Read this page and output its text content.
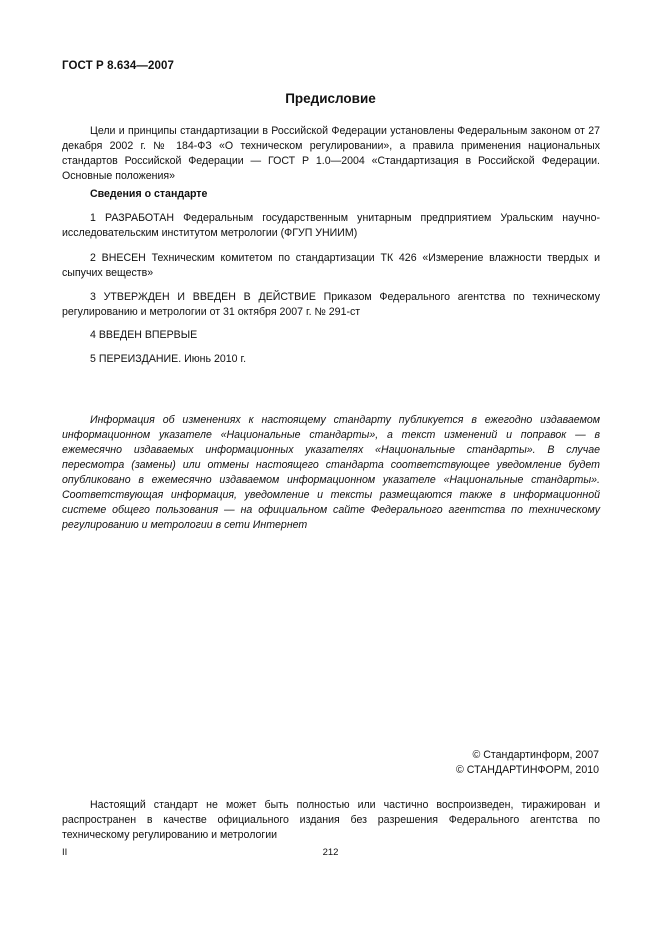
ГОСТ Р 8.634—2007
Предисловие
Цели и принципы стандартизации в Российской Федерации установлены Федеральным законом от 27 декабря 2002 г. № 184-ФЗ «О техническом регулировании», а правила применения национальных стандартов Российской Федерации — ГОСТ Р 1.0—2004 «Стандартизация в Российской Федерации. Основные положения»
Сведения о стандарте
1 РАЗРАБОТАН Федеральным государственным унитарным предприятием Уральским научно-исследовательским институтом метрологии (ФГУП УНИИМ)
2 ВНЕСЕН Техническим комитетом по стандартизации ТК 426 «Измерение влажности твердых и сыпучих веществ»
3 УТВЕРЖДЕН И ВВЕДЕН В ДЕЙСТВИЕ Приказом Федерального агентства по техническому регулированию и метрологии от 31 октября 2007 г. № 291-ст
4 ВВЕДЕН ВПЕРВЫЕ
5 ПЕРЕИЗДАНИЕ. Июнь 2010 г.
Информация об изменениях к настоящему стандарту публикуется в ежегодно издаваемом информационном указателе «Национальные стандарты», а текст изменений и поправок — в ежемесячно издаваемых информационных указателях «Национальные стандарты». В случае пересмотра (замены) или отмены настоящего стандарта соответствующее уведомление будет опубликовано в ежемесячно издаваемом информационном указателе «Национальные стандарты». Соответствующая информация, уведомление и тексты размещаются также в информационной системе общего пользования — на официальном сайте Федерального агентства по техническому регулированию и метрологии в сети Интернет
© Стандартинформ, 2007
© СТАНДАРТИНФОРМ, 2010
Настоящий стандарт не может быть полностью или частично воспроизведен, тиражирован и распространен в качестве официального издания без разрешения Федерального агентства по техническому регулированию и метрологии
II	212
